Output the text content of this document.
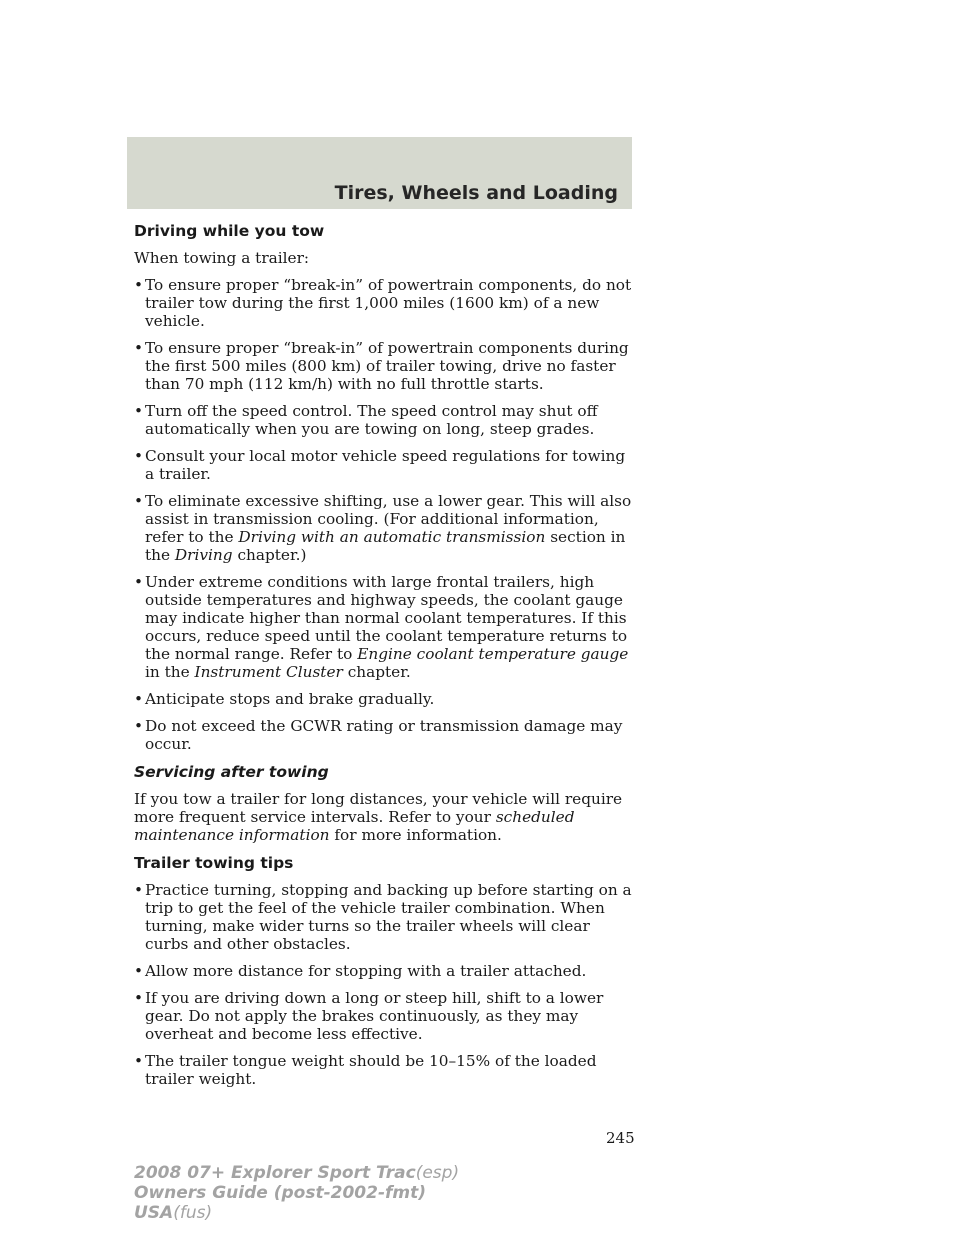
Tires, Wheels and Loading
Driving while you tow

When towing a trailer:

• To ensure proper “break-in” of powertrain components, do not trailer tow during the first 1,000 miles (1600 km) of a new vehicle.
• To ensure proper “break-in” of powertrain components during the first 500 miles (800 km) of trailer towing, drive no faster than 70 mph (112 km/h) with no full throttle starts.
• Turn off the speed control. The speed control may shut off automatically when you are towing on long, steep grades.
• Consult your local motor vehicle speed regulations for towing a trailer.
• To eliminate excessive shifting, use a lower gear. This will also assist in transmission cooling. (For additional information, refer to the Driving with an automatic transmission section in the Driving chapter.)
• Under extreme conditions with large frontal trailers, high outside temperatures and highway speeds, the coolant gauge may indicate higher than normal coolant temperatures. If this occurs, reduce speed until the coolant temperature returns to the normal range. Refer to Engine coolant temperature gauge in the Instrument Cluster chapter.
• Anticipate stops and brake gradually.
• Do not exceed the GCWR rating or transmission damage may occur.
Servicing after towing

If you tow a trailer for long distances, your vehicle will require more frequent service intervals. Refer to your scheduled maintenance information for more information.

Trailer towing tips
• Practice turning, stopping and backing up before starting on a trip to get the feel of the vehicle trailer combination. When turning, make wider turns so the trailer wheels will clear curbs and other obstacles.
• Allow more distance for stopping with a trailer attached.
• If you are driving down a long or steep hill, shift to a lower gear. Do not apply the brakes continuously, as they may overheat and become less effective.
• The trailer tongue weight should be 10–15% of the loaded trailer weight.
245
2008 07+ Explorer Sport Trac(esp)
Owners Guide (post-2002-fmt)
USA(fus)
